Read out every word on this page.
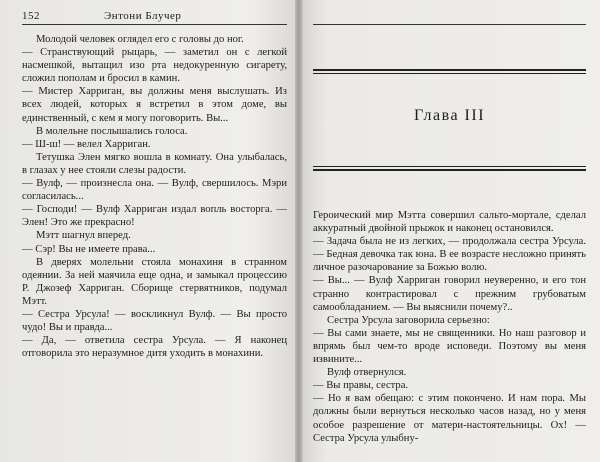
152	Энтони Блучер

Молодой человек оглядел его с головы до ног.

— Странствующий рыцарь, — заметил он с легкой насмешкой, вытащил изо рта недокуренную сигарету, сложил пополам и бросил в камин.

— Мистер Харриган, вы должны меня выслушать. Из всех людей, которых я встретил в этом доме, вы единственный, с кем я могу поговорить. Вы...

В молельне послышались голоса.

— Ш-ш! — велел Харриган.

Тетушка Элен мягко вошла в комнату. Она улыбалась, в глазах у нее стояли слезы радости.

— Вулф, — произнесла она. — Вулф, свершилось. Мэри согласилась...

— Господи! — Вулф Харриган издал вопль восторга. — Элен! Это же прекрасно!

Мэтт шагнул вперед.

— Сэр! Вы не имеете права...

В дверях молельни стояла монахиня в странном одеянии. За ней маячила еще одна, и замыкал процессию Р. Джозеф Харриган. Сборище стервятников, подумал Мэтт.

— Сестра Урсула! — воскликнул Вулф. — Вы просто чудо! Вы и правда...

— Да, — ответила сестра Урсула. — Я наконец отговорила это неразумное дитя уходить в монахини.

Глава III

Героический мир Мэтта совершил сальто-мортале, сделал аккуратный двойной прыжок и наконец остановился.

— Задача была не из легких, — продолжала сестра Урсула. — Бедная девочка так юна. В ее возрасте несложно принять личное разочарование за Божью волю.

— Вы... — Вулф Харриган говорил неуверенно, и его тон странно контрастировал с прежним грубоватым самообладанием. — Вы выяснили почему?..

Сестра Урсула заговорила серьезно:

— Вы сами знаете, мы не священники. Но наш разговор и впрямь был чем-то вроде исповеди. Поэтому вы меня извините...

Вулф отвернулся.

— Вы правы, сестра.

— Но я вам обещаю: с этим покончено. И нам пора. Мы должны были вернуться несколько часов назад, но у меня особое разрешение от матери-настоятельницы. Ох! — Сестра Урсула улыбну-
